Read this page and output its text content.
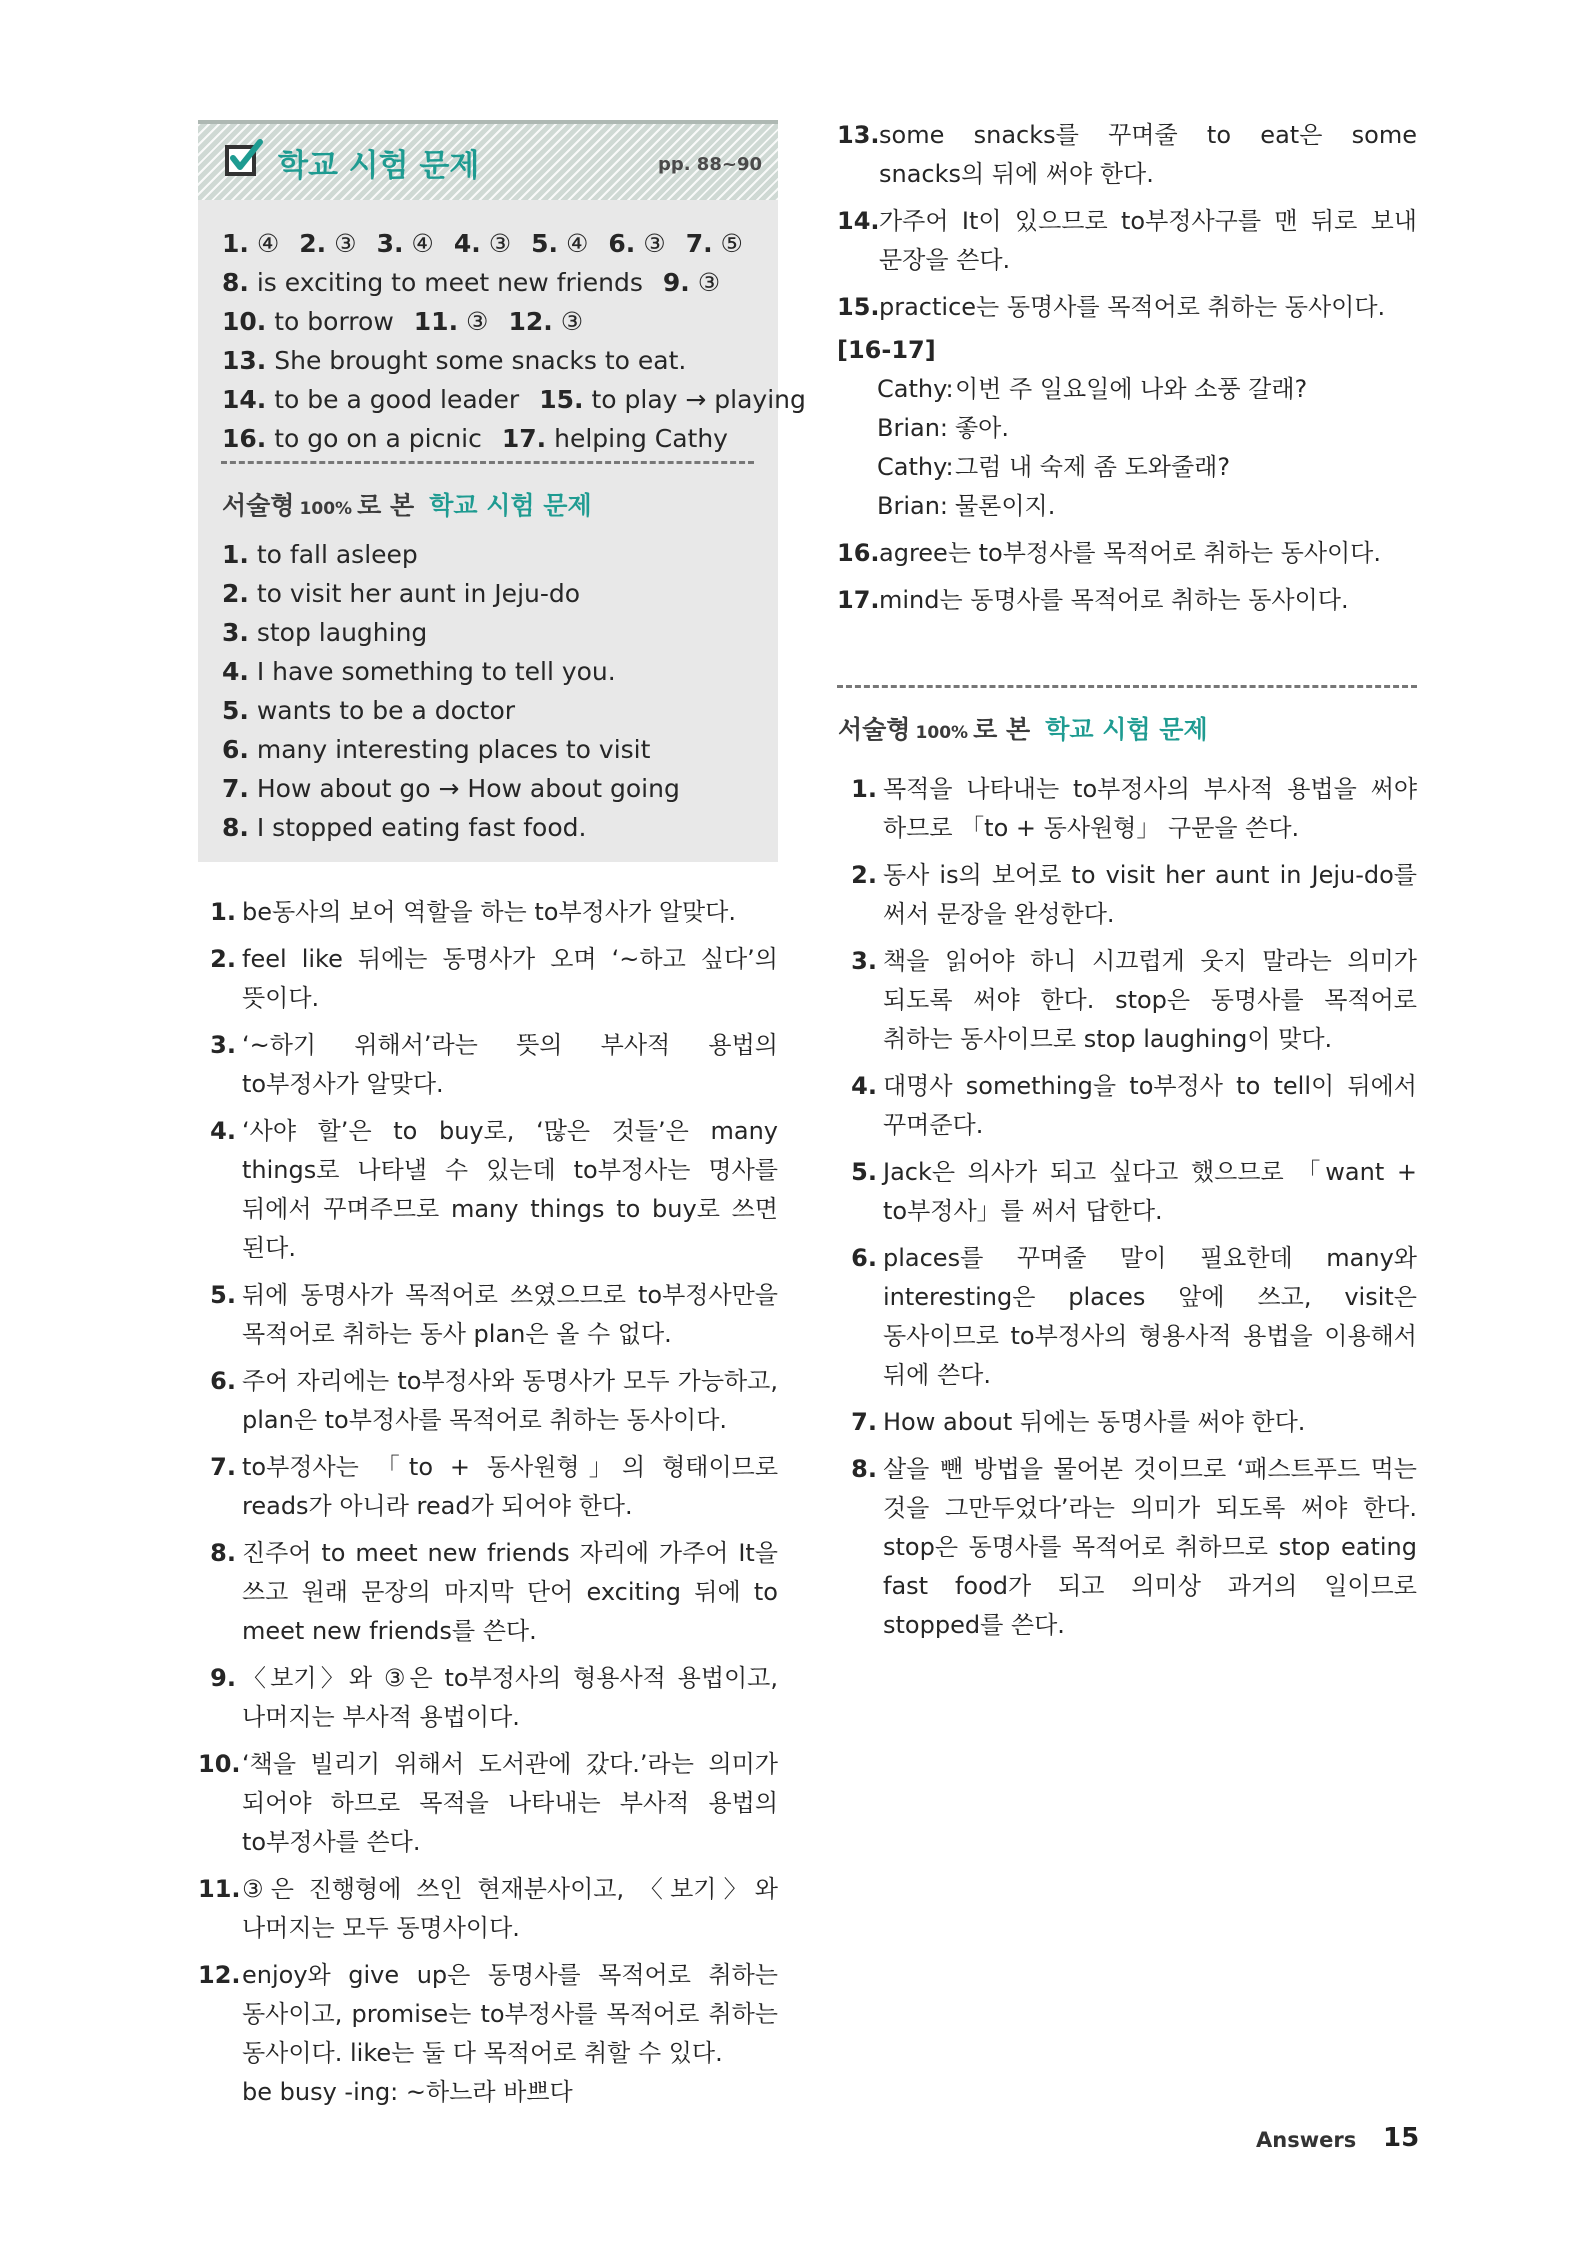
학교 시험 문제	pp. 88~90
1. ④ 2. ③ 3. ④ 4. ③ 5. ④ 6. ③ 7. ⑤
8. is exciting to meet new friends 9. ③
10. to borrow 11. ③ 12. ③
13. She brought some snacks to eat.
14. to be a good leader 15. to play → playing
16. to go on a picnic 17. helping Cathy
서술형 100% 로 본 학교 시험 문제
1. to fall asleep
2. to visit her aunt in Jeju-do
3. stop laughing
4. I have something to tell you.
5. wants to be a doctor
6. many interesting places to visit
7. How about go → How about going
8. I stopped eating fast food.
1. be동사의 보어 역할을 하는 to부정사가 알맞다.
2. feel like 뒤에는 동명사가 오며 ‘~하고 싶다’의 뜻이다.
3. ‘~하기 위해서’라는 뜻의 부사적 용법의 to부정사가 알맞다.
4. ‘사야 할’은 to buy로, ‘많은 것들’은 many things로 나타낼 수 있는데 to부정사는 명사를 뒤에서 꾸며주므로 many things to buy로 쓰면 된다.
5. 뒤에 동명사가 목적어로 쓰였으므로 to부정사만을 목적어로 취하는 동사 plan은 올 수 없다.
6. 주어 자리에는 to부정사와 동명사가 모두 가능하고, plan은 to부정사를 목적어로 취하는 동사이다.
7. to부정사는 「to + 동사원형」의 형태이므로 reads가 아니라 read가 되어야 한다.
8. 진주어 to meet new friends 자리에 가주어 It을 쓰고 원래 문장의 마지막 단어 exciting 뒤에 to meet new friends를 쓴다.
9. 〈보기〉와 ③은 to부정사의 형용사적 용법이고, 나머지는 부사적 용법이다.
10. ‘책을 빌리기 위해서 도서관에 갔다.’라는 의미가 되어야 하므로 목적을 나타내는 부사적 용법의 to부정사를 쓴다.
11. ③은 진행형에 쓰인 현재분사이고, 〈보기〉와 나머지는 모두 동명사이다.
12. enjoy와 give up은 동명사를 목적어로 취하는 동사이고, promise는 to부정사를 목적어로 취하는 동사이다. like는 둘 다 목적어로 취할 수 있다.
be busy -ing: ~하느라 바쁘다
13. some snacks를 꾸며줄 to eat은 some snacks의 뒤에 써야 한다.
14. 가주어 It이 있으므로 to부정사구를 맨 뒤로 보내 문장을 쓴다.
15. practice는 동명사를 목적어로 취하는 동사이다.
[16-17]
Cathy:이번 주 일요일에 나와 소풍 갈래?
Brian: 좋아.
Cathy:그럼 내 숙제 좀 도와줄래?
Brian: 물론이지.
16. agree는 to부정사를 목적어로 취하는 동사이다.
17. mind는 동명사를 목적어로 취하는 동사이다.
서술형 100% 로 본 학교 시험 문제
1. 목적을 나타내는 to부정사의 부사적 용법을 써야 하므로 「to + 동사원형」 구문을 쓴다.
2. 동사 is의 보어로 to visit her aunt in Jeju-do를 써서 문장을 완성한다.
3. 책을 읽어야 하니 시끄럽게 웃지 말라는 의미가 되도록 써야 한다. stop은 동명사를 목적어로 취하는 동사이므로 stop laughing이 맞다.
4. 대명사 something을 to부정사 to tell이 뒤에서 꾸며준다.
5. Jack은 의사가 되고 싶다고 했으므로 「want + to부정사」를 써서 답한다.
6. places를 꾸며줄 말이 필요한데 many와 interesting은 places 앞에 쓰고, visit은 동사이므로 to부정사의 형용사적 용법을 이용해서 뒤에 쓴다.
7. How about 뒤에는 동명사를 써야 한다.
8. 살을 뺀 방법을 물어본 것이므로 ‘패스트푸드 먹는 것을 그만두었다’라는 의미가 되도록 써야 한다. stop은 동명사를 목적어로 취하므로 stop eating fast food가 되고 의미상 과거의 일이므로 stopped를 쓴다.
Answers 15
